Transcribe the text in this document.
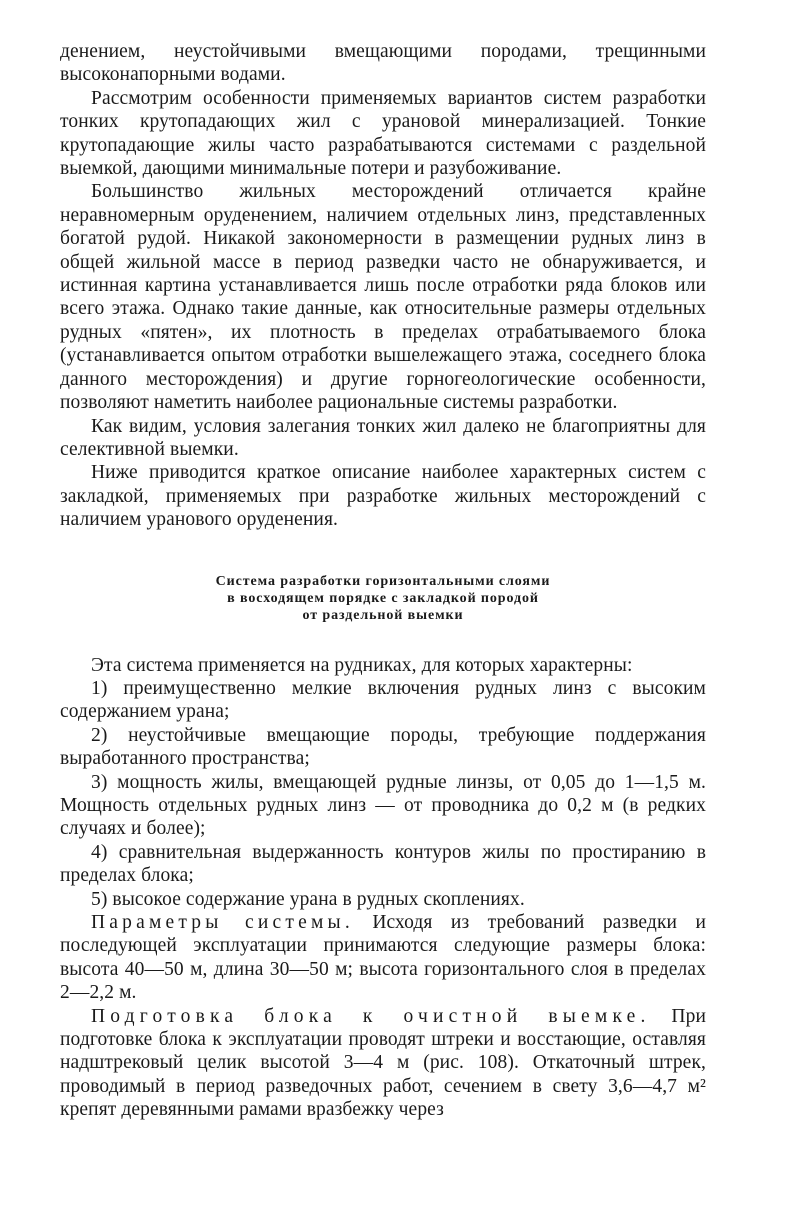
денением, неустойчивыми вмещающими породами, трещинными высоконапорными водами.

Рассмотрим особенности применяемых вариантов систем разработки тонких крутопадающих жил с урановой минерализацией. Тонкие крутопадающие жилы часто разрабатываются системами с раздельной выемкой, дающими минимальные потери и разубоживание.

Большинство жильных месторождений отличается крайне неравномерным оруденением, наличием отдельных линз, представленных богатой рудой. Никакой закономерности в размещении рудных линз в общей жильной массе в период разведки часто не обнаруживается, и истинная картина устанавливается лишь после отработки ряда блоков или всего этажа. Однако такие данные, как относительные размеры отдельных рудных «пятен», их плотность в пределах отрабатываемого блока (устанавливается опытом отработки вышележащего этажа, соседнего блока данного месторождения) и другие горногеологические особенности, позволяют наметить наиболее рациональные системы разработки.

Как видим, условия залегания тонких жил далеко не благоприятны для селективной выемки.

Ниже приводится краткое описание наиболее характерных систем с закладкой, применяемых при разработке жильных месторождений с наличием уранового оруденения.

Система разработки горизонтальными слоями
в восходящем порядке с закладкой породой
от раздельной выемки

Эта система применяется на рудниках, для которых характерны:

1) преимущественно мелкие включения рудных линз с высоким содержанием урана;

2) неустойчивые вмещающие породы, требующие поддержания выработанного пространства;

3) мощность жилы, вмещающей рудные линзы, от 0,05 до 1—1,5 м. Мощность отдельных рудных линз — от проводника до 0,2 м (в редких случаях и более);

4) сравнительная выдержанность контуров жилы по простиранию в пределах блока;

5) высокое содержание урана в рудных скоплениях.

Параметры системы. Исходя из требований разведки и последующей эксплуатации принимаются следующие размеры блока: высота 40—50 м, длина 30—50 м; высота горизонтального слоя в пределах 2—2,2 м.

Подготовка блока к очистной выемке. При подготовке блока к эксплуатации проводят штреки и восстающие, оставляя надштрековый целик высотой 3—4 м (рис. 108). Откаточный штрек, проводимый в период разведочных работ, сечением в свету 3,6—4,7 м² крепят деревянными рамами вразбежку через
